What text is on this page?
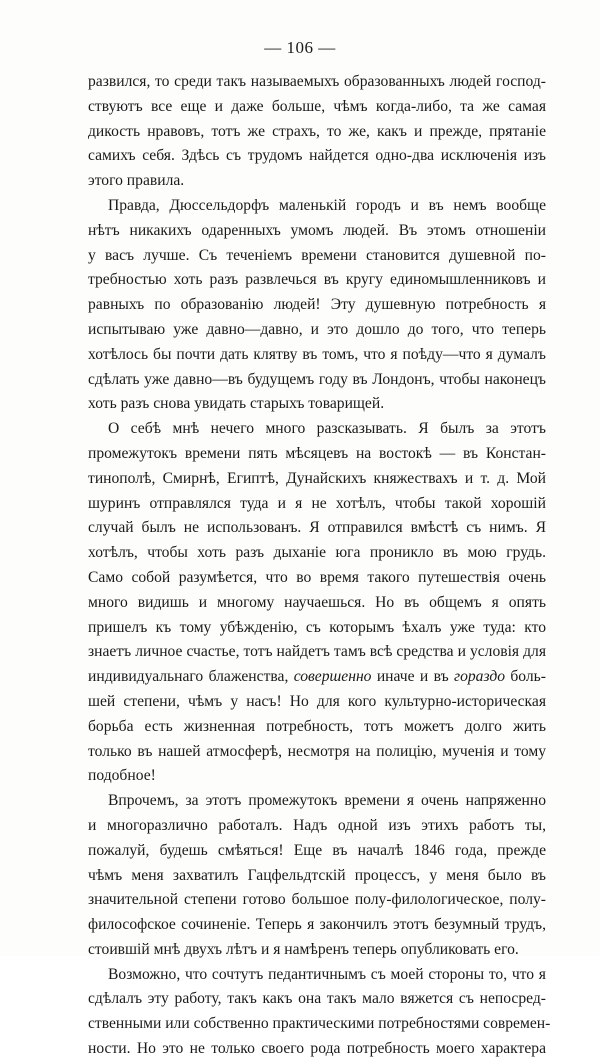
— 106 —
развился, то среди такъ называемыхъ образованныхъ людей господ-
ствуютъ все еще и даже больше, чѣмъ когда-либо, та же самая
дикость нравовъ, тотъ же страхъ, то же, какъ и прежде, прятанie
самихъ себя. Здѣсь съ трудомъ найдется одно-два исключенiя изъ
этого правила.
Правда, Дюссельдорфъ маленькiй городъ и въ немъ вообще
нѣтъ никакихъ одаренныхъ умомъ людей. Въ этомъ отношенiи
у васъ лучше. Съ теченiемъ времени становится душевной по-
требностью хоть разъ развлечься въ кругу единомышленниковъ и
равныхъ по образованiю людей! Эту душевную потребность я
испытываю уже давно—давно, и это дошло до того, что теперь
хотѣлось бы почти дать клятву въ томъ, что я поѣду—что я думалъ
сдѣлать уже давно—въ будущемъ году въ Лондонъ, чтобы наконецъ
хоть разъ снова увидать старыхъ товарищей.
О себѣ мнѣ нечего много разсказывать. Я былъ за этотъ
промежутокъ времени пять мѣсяцевъ на востокѣ — въ Констан-
тинополѣ, Смирнѣ, Египтѣ, Дунайскихъ княжествахъ и т. д. Мой
шуринъ отправлялся туда и я не хотѣлъ, чтобы такой хорошiй
случай былъ не использованъ. Я отправился вмѣстѣ съ нимъ. Я
хотѣлъ, чтобы хоть разъ дыханiе юга проникло въ мою грудь.
Само собой разумѣется, что во время такого путешествiя очень
много видишь и многому научаешься. Но въ общемъ я опять
пришелъ къ тому убѣжденiю, съ которымъ ѣхалъ уже туда: кто
знаетъ личное счастье, тотъ найдетъ тамъ всѣ средства и условiя для
индивидуальнаго блаженства, совершенно иначе и въ гораздо боль-
шей степени, чѣмъ у насъ! Но для кого культурно-историческая
борьба есть жизненная потребность, тотъ можетъ долго жить
только въ нашей атмосферѣ, несмотря на полицiю, мученiя и тому
подобное!
Впрочемъ, за этотъ промежутокъ времени я очень напряженно
и многоразлично работалъ. Надъ одной изъ этихъ работъ ты,
пожалуй, будешь смѣяться! Еще въ началѣ 1846 года, прежде
чѣмъ меня захватилъ Гацфельдтскiй процессъ, у меня было въ
значительной степени готово большое полу-филологическое, полу-
философское сочиненiе. Теперь я закончилъ этотъ безумный трудъ,
стоившiй мнѣ двухъ лѣтъ и я намѣренъ теперь опубликовать его.
Возможно, что сочтутъ педантичнымъ съ моей стороны то, что я
сдѣлалъ эту работу, такъ какъ она такъ мало вяжется съ непосред-
ственными или собственно практическими потребностями современ-
ности. Но это не только своего рода потребность моего характера
